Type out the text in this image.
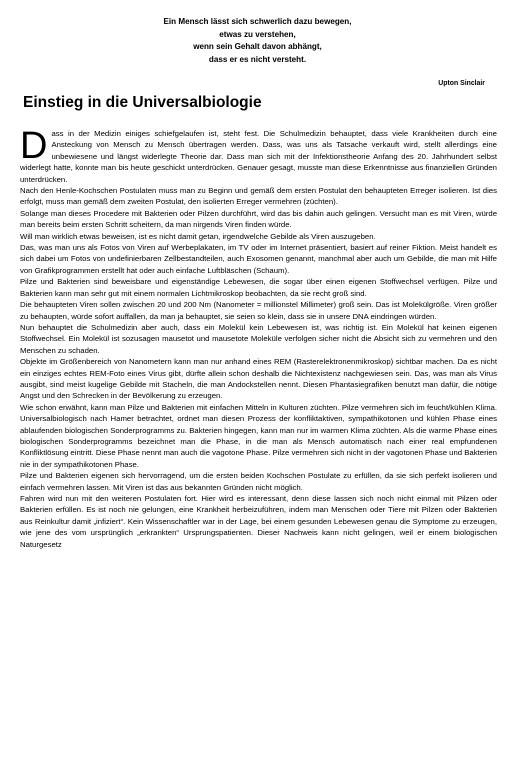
Ein Mensch lässt sich schwerlich dazu bewegen,
etwas zu verstehen,
wenn sein Gehalt davon abhängt,
dass er es nicht versteht.
Upton Sinclair
Einstieg in die Universalbiologie

Dass in der Medizin einiges schiefgelaufen ist, steht fest. Die Schulmedizin behauptet, dass viele Krankheiten durch eine Ansteckung von Mensch zu Mensch übertragen werden. Dass, was uns als Tatsache verkauft wird, stellt allerdings eine unbewiesene und längst widerlegte Theorie dar. Dass man sich mit der Infektionstheorie Anfang des 20. Jahrhundert selbst widerlegt hatte, konnte man bis heute geschickt unterdrücken. Genauer gesagt, musste man diese Erkenntnisse aus finanziellen Gründen unterdrücken.

Nach den Henle-Kochschen Postulaten muss man zu Beginn und gemäß dem ersten Postulat den behaupteten Erreger isolieren. Ist dies erfolgt, muss man gemäß dem zweiten Postulat, den isolierten Erreger vermehren (züchten).

Solange man dieses Procedere mit Bakterien oder Pilzen durchführt, wird das bis dahin auch gelingen. Versucht man es mit Viren, würde man bereits beim ersten Schritt scheitern, da man nirgends Viren finden würde.

Will man wirklich etwas beweisen, ist es nicht damit getan, irgendwelche Gebilde als Viren auszugeben.

Das, was man uns als Fotos von Viren auf Werbeplakaten, im TV oder im Internet präsentiert, basiert auf reiner Fiktion. Meist handelt es sich dabei um Fotos von undefinierbaren Zellbestandteilen, auch Exosomen genannt, manchmal aber auch um Gebilde, die man mit Hilfe von Grafikprogrammen erstellt hat oder auch einfache Luftbläschen (Schaum).

Pilze und Bakterien sind beweisbare und eigenständige Lebewesen, die sogar über einen eigenen Stoffwechsel verfügen. Pilze und Bakterien kann man sehr gut mit einem normalen Lichtmikroskop beobachten, da sie recht groß sind.

Die behaupteten Viren sollen zwischen 20 und 200 Nm (Nanometer = millionstel Millimeter) groß sein. Das ist Molekülgröße. Viren größer zu behaupten, würde sofort auffallen, da man ja behauptet, sie seien so klein, dass sie in unsere DNA eindringen würden.

Nun behauptet die Schulmedizin aber auch, dass ein Molekül kein Lebewesen ist, was richtig ist. Ein Molekül hat keinen eigenen Stoffwechsel. Ein Molekül ist sozusagen mausetot und mausetote Moleküle verfolgen sicher nicht die Absicht sich zu vermehren und den Menschen zu schaden.

Objekte im Größenbereich von Nanometern kann man nur anhand eines REM (Rasterelektronenmikroskop) sichtbar machen. Da es nicht ein einziges echtes REM-Foto eines Virus gibt, dürfte allein schon deshalb die Nichtexistenz nachgewiesen sein. Das, was man als Virus ausgibt, sind meist kugelige Gebilde mit Stacheln, die man Andockstellen nennt. Diesen Phantasiegrafiken benutzt man dafür, die nötige Angst und den Schrecken in der Bevölkerung zu erzeugen.

Wie schon erwähnt, kann man Pilze und Bakterien mit einfachen Mitteln in Kulturen züchten. Pilze vermehren sich im feucht/kühlen Klima. Universalbiologisch nach Hamer betrachtet, ordnet man diesen Prozess der konfliktaktiven, sympathikotonen und kühlen Phase eines ablaufenden biologischen Sonderprogramms zu. Bakterien hingegen, kann man nur im warmen Klima züchten. Als die warme Phase eines biologischen Sonderprogramms bezeichnet man die Phase, in die man als Mensch automatisch nach einer real empfundenen Konfliktlösung eintritt. Diese Phase nennt man auch die vagotone Phase. Pilze vermehren sich nicht in der vagotonen Phase und Bakterien nie in der sympathikotonen Phase.

Pilze und Bakterien eigenen sich hervorragend, um die ersten beiden Kochschen Postulate zu erfüllen, da sie sich perfekt isolieren und einfach vermehren lassen. Mit Viren ist das aus bekannten Gründen nicht möglich.

Fahren wird nun mit den weiteren Postulaten fort. Hier wird es interessant, denn diese lassen sich noch nicht einmal mit Pilzen oder Bakterien erfüllen. Es ist noch nie gelungen, eine Krankheit herbeizuführen, indem man Menschen oder Tiere mit Pilzen oder Bakterien aus Reinkultur damit „infiziert“. Kein Wissenschaftler war in der Lage, bei einem gesunden Lebewesen genau die Symptome zu erzeugen, wie jene des vom ursprünglich „erkrankten“ Ursprungspatienten. Dieser Nachweis kann nicht gelingen, weil er einem biologischen Naturgesetz
